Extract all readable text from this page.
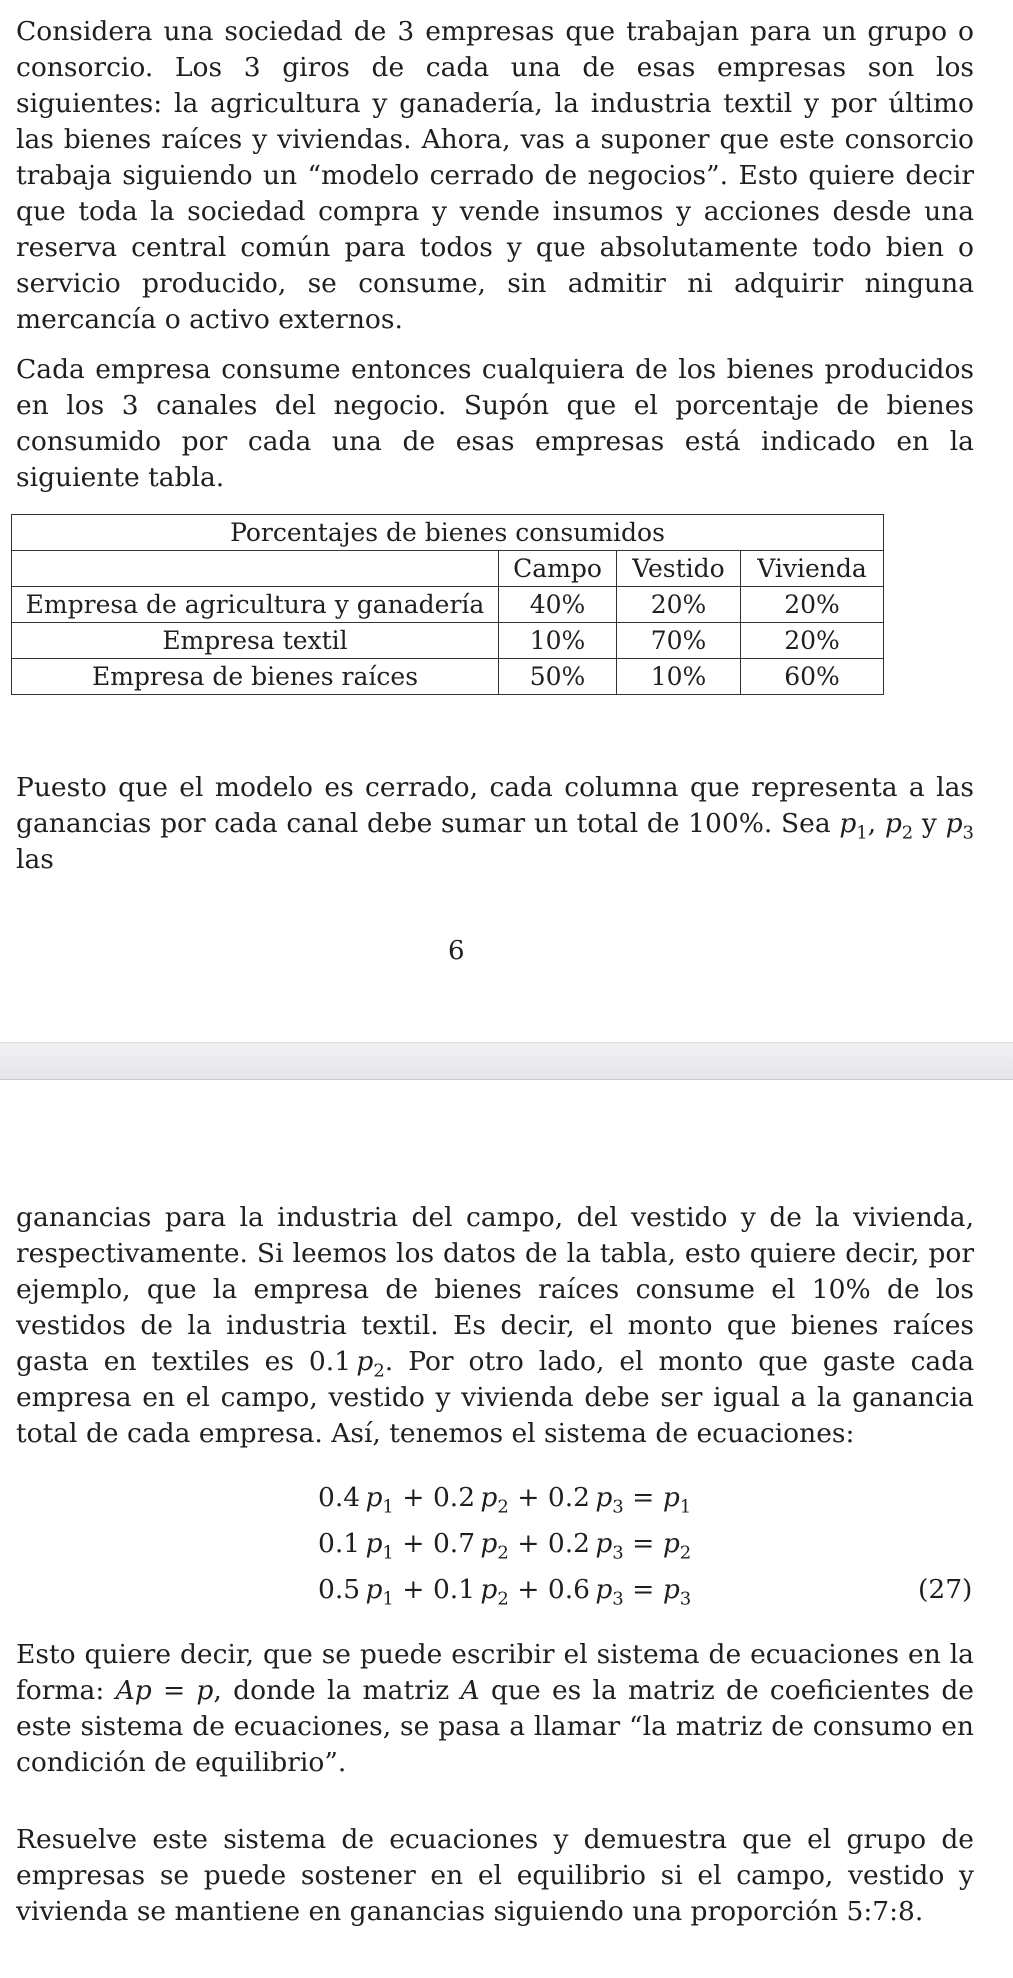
Considera una sociedad de 3 empresas que trabajan para un grupo o consorcio. Los 3 giros de cada una de esas empresas son los siguientes: la agricultura y ganadería, la industria textil y por último las bienes raíces y viviendas. Ahora, vas a suponer que este consorcio trabaja siguiendo un “modelo cerrado de negocios”. Esto quiere decir que toda la sociedad compra y vende insumos y acciones desde una reserva central común para todos y que absolutamente todo bien o servicio producido, se consume, sin admitir ni adquirir ninguna mercancía o activo externos.

Cada empresa consume entonces cualquiera de los bienes producidos en los 3 canales del negocio. Supón que el porcentaje de bienes consumido por cada una de esas empresas está indicado en la siguiente tabla.

Porcentajes de bienes consumidos			
	Campo	Vestido	Vivienda
Empresa de agricultura y ganadería	40%	20%	20%
Empresa textil	10%	70%	20%
Empresa de bienes raíces	50%	10%	60%

Puesto que el modelo es cerrado, cada columna que representa a las ganancias por cada canal debe sumar un total de 100%. Sea $p_1$, $p_2$ y $p_3$ las

6

ganancias para la industria del campo, del vestido y de la vivienda, respectivamente. Si leemos los datos de la tabla, esto quiere decir, por ejemplo, que la empresa de bienes raíces consume el 10% de los vestidos de la industria textil. Es decir, el monto que bienes raíces gasta en textiles es 0.1  $p_2$. Por otro lado, el monto que gaste cada empresa en el campo, vestido y vivienda debe ser igual a la ganancia total de cada empresa. Así, tenemos el sistema de ecuaciones:

0.4  $p_1 + 0.2$  $p_2 + 0.2$  $p_3 = p_1$
0.1  $p_1 + 0.7$  $p_2 + 0.2$  $p_3 = p_2$
0.5  $p_1 + 0.1$  $p_2 + 0.6$  $p_3 = p_3$	(27)

Esto quiere decir, que se puede escribir el sistema de ecuaciones en la forma: Ap = p, donde la matriz A que es la matriz de coeficientes de este sistema de ecuaciones, se pasa a llamar “la matriz de consumo en condición de equilibrio”.

Resuelve este sistema de ecuaciones y demuestra que el grupo de empresas se puede sostener en el equilibrio si el campo, vestido y vivienda se mantiene en ganancias siguiendo una proporción 5:7:8.
